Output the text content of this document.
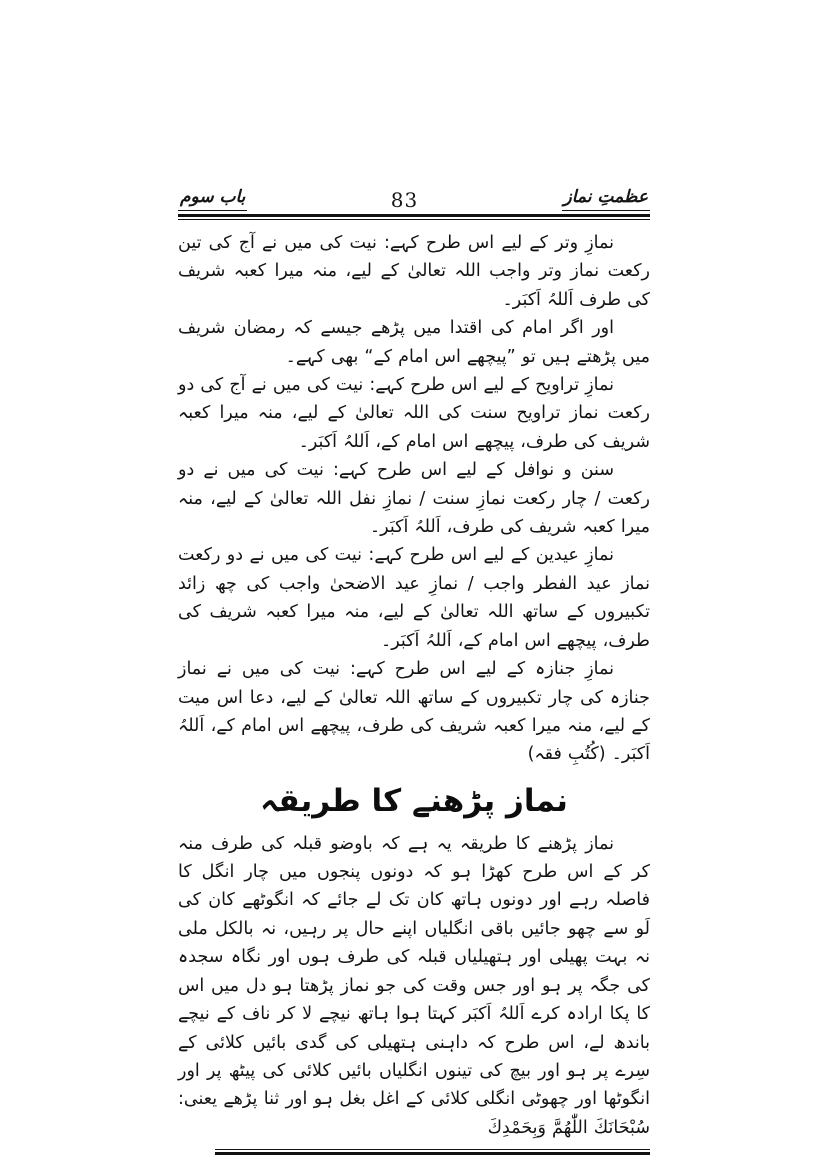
عظمتِ نماز
83
باب سوم

نمازِ وتر کے لیے اس طرح کہے: نیت کی میں نے آج کی تین رکعت نماز وتر واجب اللہ تعالیٰ کے لیے، منہ میرا کعبہ شریف کی طرف اَللہُ اَکبَر۔

اور اگر امام کی اقتدا میں پڑھے جیسے کہ رمضان شریف میں پڑھتے ہیں تو ”پیچھے اس امام کے“ بھی کہے۔

نمازِ تراویح کے لیے اس طرح کہے: نیت کی میں نے آج کی دو رکعت نماز تراویح سنت کی اللہ تعالیٰ کے لیے، منہ میرا کعبہ شریف کی طرف، پیچھے اس امام کے، اَللہُ اَکبَر۔

سنن و نوافل کے لیے اس طرح کہے: نیت کی میں نے دو رکعت / چار رکعت نمازِ سنت / نمازِ نفل اللہ تعالیٰ کے لیے، منہ میرا کعبہ شریف کی طرف، اَللہُ اَکبَر۔

نمازِ عیدین کے لیے اس طرح کہے: نیت کی میں نے دو رکعت نماز عید الفطر واجب / نمازِ عید الاضحیٰ واجب کی چھ زائد تکبیروں کے ساتھ اللہ تعالیٰ کے لیے، منہ میرا کعبہ شریف کی طرف، پیچھے اس امام کے، اَللہُ اَکبَر۔

نمازِ جنازہ کے لیے اس طرح کہے: نیت کی میں نے نماز جنازہ کی چار تکبیروں کے ساتھ اللہ تعالیٰ کے لیے، دعا اس میت کے لیے، منہ میرا کعبہ شریف کی طرف، پیچھے اس امام کے، اَللہُ اَکبَر۔ (کُتُبِ فقہ)

نماز پڑھنے کا طریقہ

نماز پڑھنے کا طریقہ یہ ہے کہ باوضو قبلہ کی طرف منہ کر کے اس طرح کھڑا ہو کہ دونوں پنجوں میں چار انگل کا فاصلہ رہے اور دونوں ہاتھ کان تک لے جائے کہ انگوٹھے کان کی لَو سے چھو جائیں باقی انگلیاں اپنے حال پر رہیں، نہ بالکل ملی نہ بہت پھیلی اور ہتھیلیاں قبلہ کی طرف ہوں اور نگاہ سجدہ کی جگہ پر ہو اور جس وقت کی جو نماز پڑھتا ہو دل میں اس کا پکا ارادہ کرے اَللہُ اَکبَر کہتا ہوا ہاتھ نیچے لا کر ناف کے نیچے باندھ لے، اس طرح کہ داہنی ہتھیلی کی گدی بائیں کلائی کے سِرے پر ہو اور بیچ کی تینوں انگلیاں بائیں کلائی کی پیٹھ پر اور انگوٹھا اور چھوٹی انگلی کلائی کے اغل بغل ہو اور ثنا پڑھے یعنی: سُبْحَانَكَ اللّٰهُمَّ وَبِحَمْدِكَ
